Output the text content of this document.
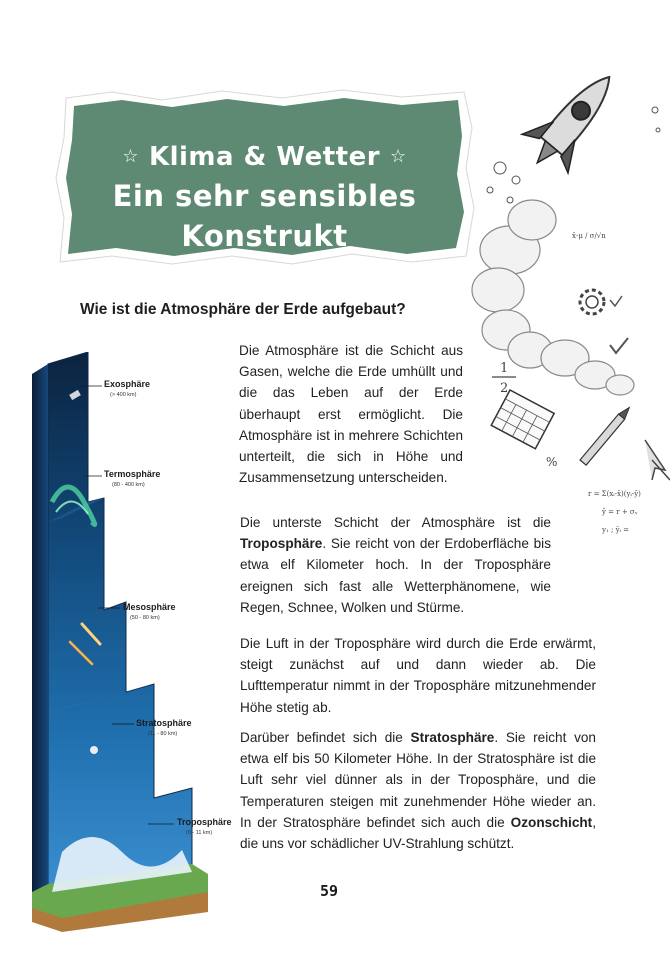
1
2
%
x̄-μ / σ/√n
r = Σ(xᵢ-x̄)(yᵢ-ȳ)
ŷ = r + σᵧ
y₁ ; ȳᵢ =
☆ Klima & Wetter ☆
Ein sehr sensibles Konstrukt
Wie ist die Atmosphäre der Erde aufgebaut?
Exosphäre
(> 400 km)
Termosphäre
(80 - 400 km)
Mesosphäre
(50 - 80 km)
Stratosphäre
(11 - 80 km)
Troposphäre
(0 - 11 km)

Die Atmosphäre ist die Schicht aus Gasen, welche die Erde umhüllt und die das Leben auf der Erde überhaupt erst ermöglicht. Die Atmosphäre ist in mehrere Schichten unterteilt, die sich in Höhe und Zusammensetzung unterscheiden.

Die unterste Schicht der Atmosphäre ist die Troposphäre. Sie reicht von der Erdoberfläche bis etwa elf Kilometer hoch. In der Troposphäre ereignen sich fast alle Wetterphänomene, wie Regen, Schnee, Wolken und Stürme.

Die Luft in der Troposphäre wird durch die Erde erwärmt, steigt zunächst auf und dann wieder ab. Die Lufttemperatur nimmt in der Troposphäre mitzunehmender Höhe stetig ab.

Darüber befindet sich die Stratosphäre. Sie reicht von etwa elf bis 50 Kilometer Höhe. In der Stratosphäre ist die Luft sehr viel dünner als in der Troposphäre, und die Temperaturen steigen mit zunehmender Höhe wieder an. In der Stratosphäre befindet sich auch die Ozonschicht, die uns vor schädlicher UV-Strahlung schützt.

59
